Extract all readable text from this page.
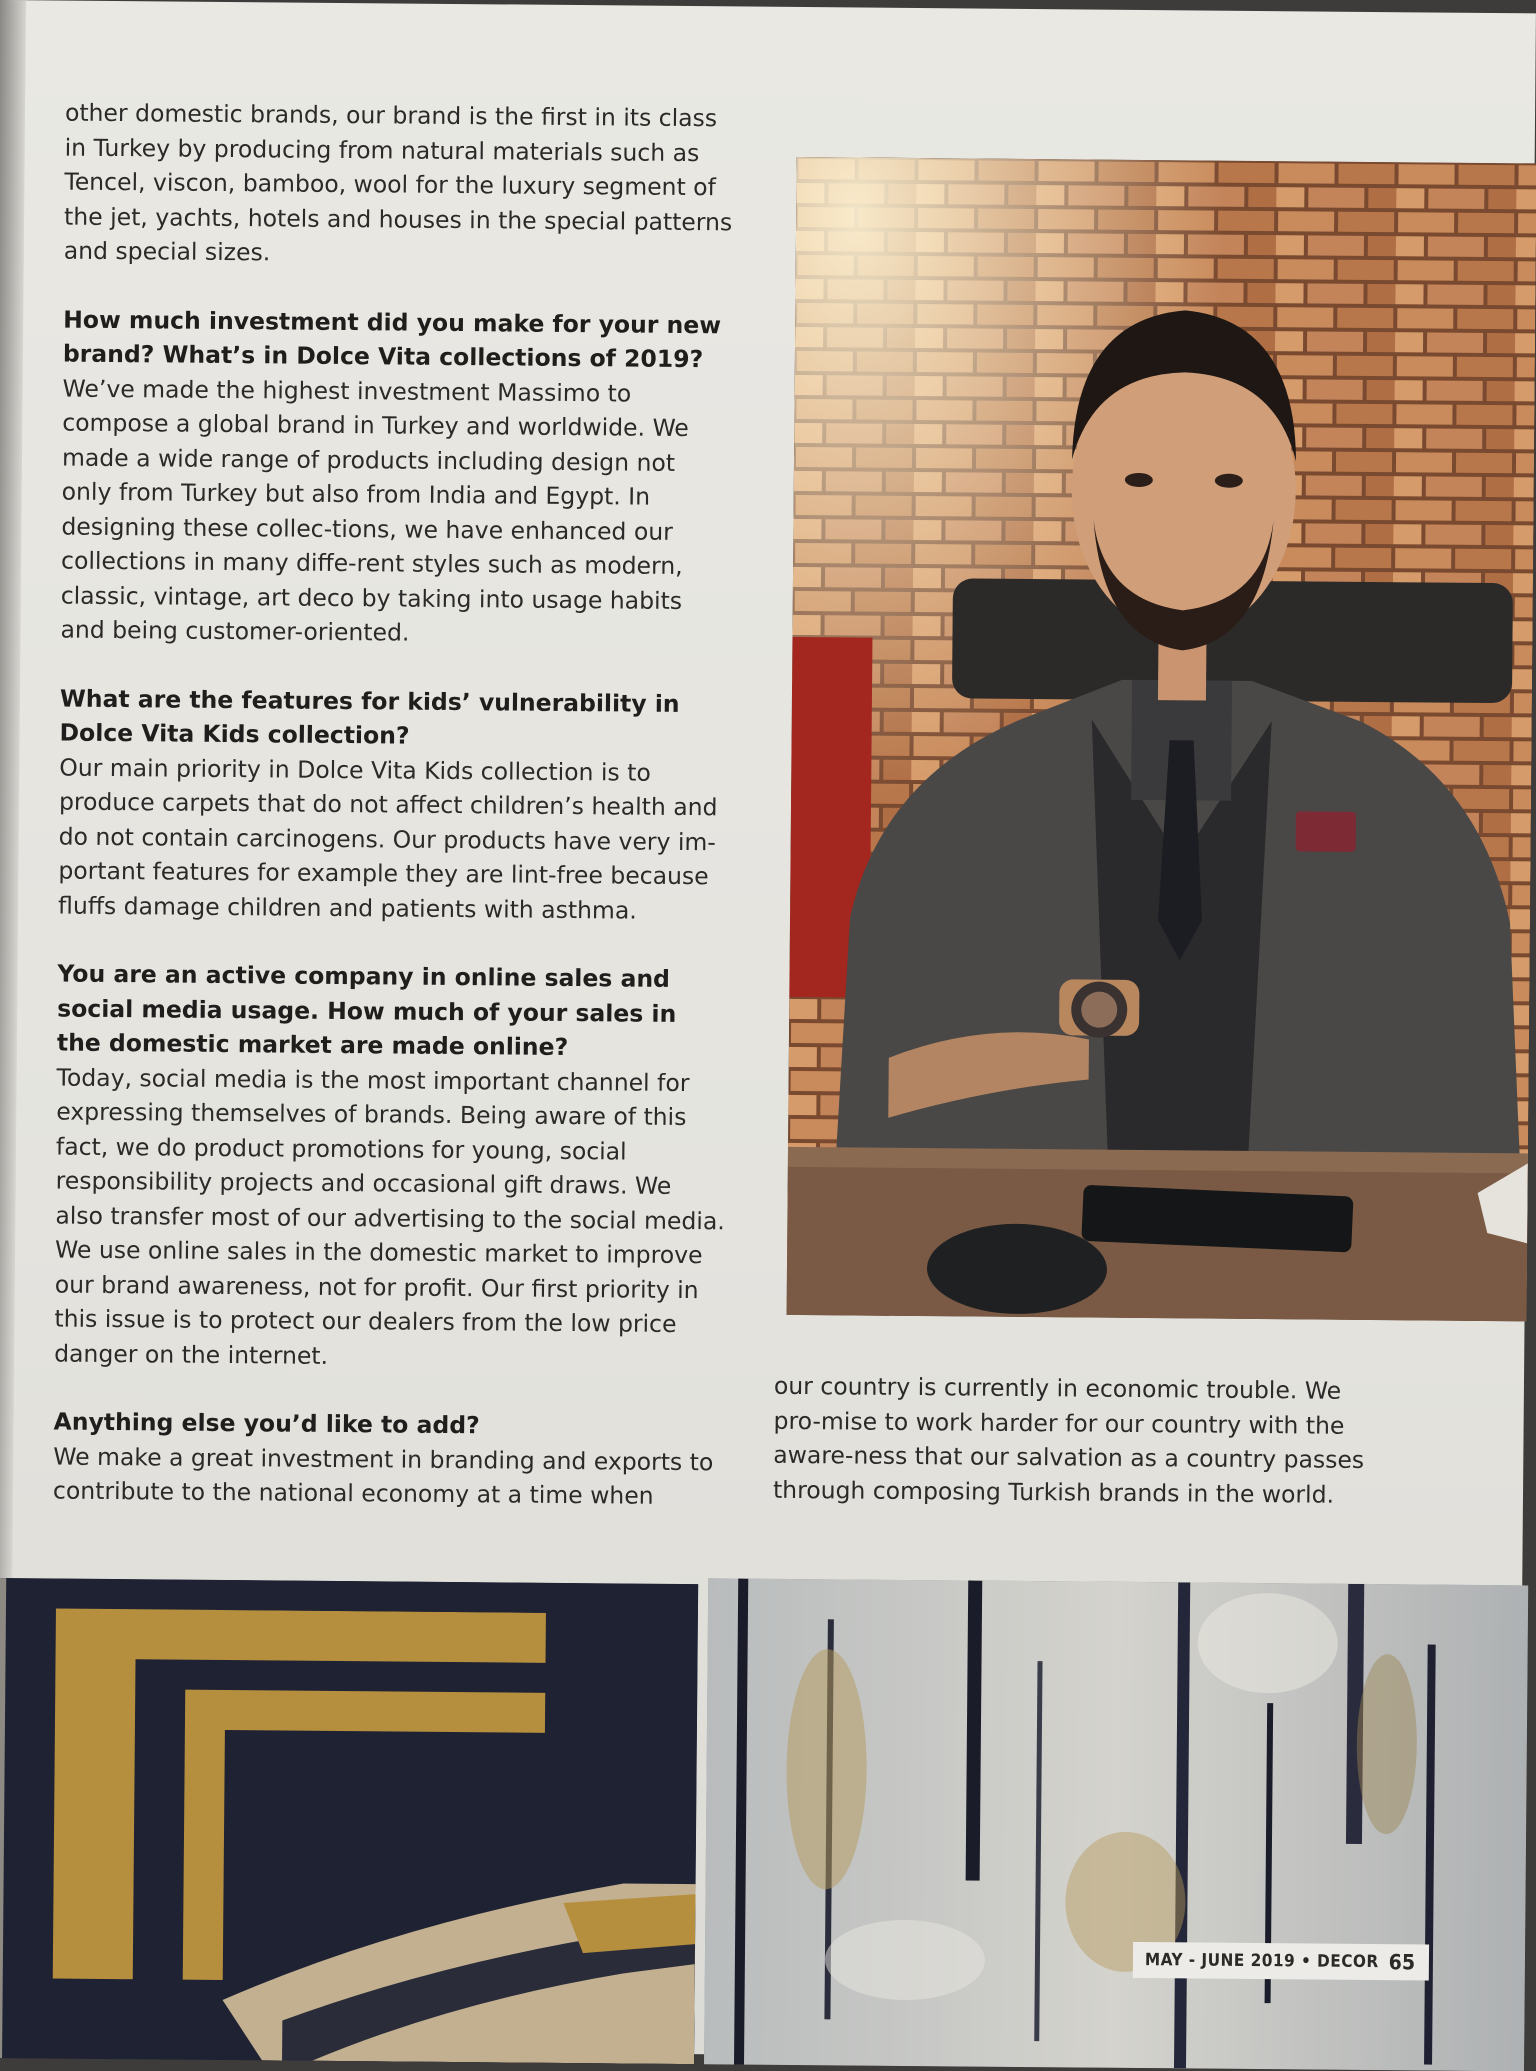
other domestic brands, our brand is the first in its class in Turkey by producing from natural materials such as Tencel, viscon, bamboo, wool for the luxury segment of the jet, yachts, hotels and houses in the special patterns and special sizes.

How much investment did you make for your new brand? What’s in Dolce Vita collections of 2019?
We’ve made the highest investment Massimo to compose a global brand in Turkey and worldwide. We made a wide range of products including design not only from Turkey but also from India and Egypt. In designing these collec-tions, we have enhanced our collections in many diffe-rent styles such as modern, classic, vintage, art deco by taking into usage habits and being customer-oriented.
What are the features for kids’ vulnerability in Dolce Vita Kids collection?
Our main priority in Dolce Vita Kids collection is to produce carpets that do not affect children’s health and do not contain carcinogens. Our products have very im-portant features for example they are lint-free because fluffs damage children and patients with asthma.
You are an active company in online sales and social media usage. How much of your sales in the domestic market are made online?
Today, social media is the most important channel for expressing themselves of brands. Being aware of this fact, we do product promotions for young, social responsibility projects and occasional gift draws. We also transfer most of our advertising to the social media. We use online sales in the domestic market to improve our brand awareness, not for profit. Our first priority in this issue is to protect our dealers from the low price danger on the internet.
Anything else you’d like to add?
We make a great investment in branding and exports to contribute to the national economy at a time when

our country is currently in economic trouble. We pro-mise to work harder for our country with the aware-ness that our salvation as a country passes through composing Turkish brands in the world.

MAY - JUNE 2019 • DECOR 65
